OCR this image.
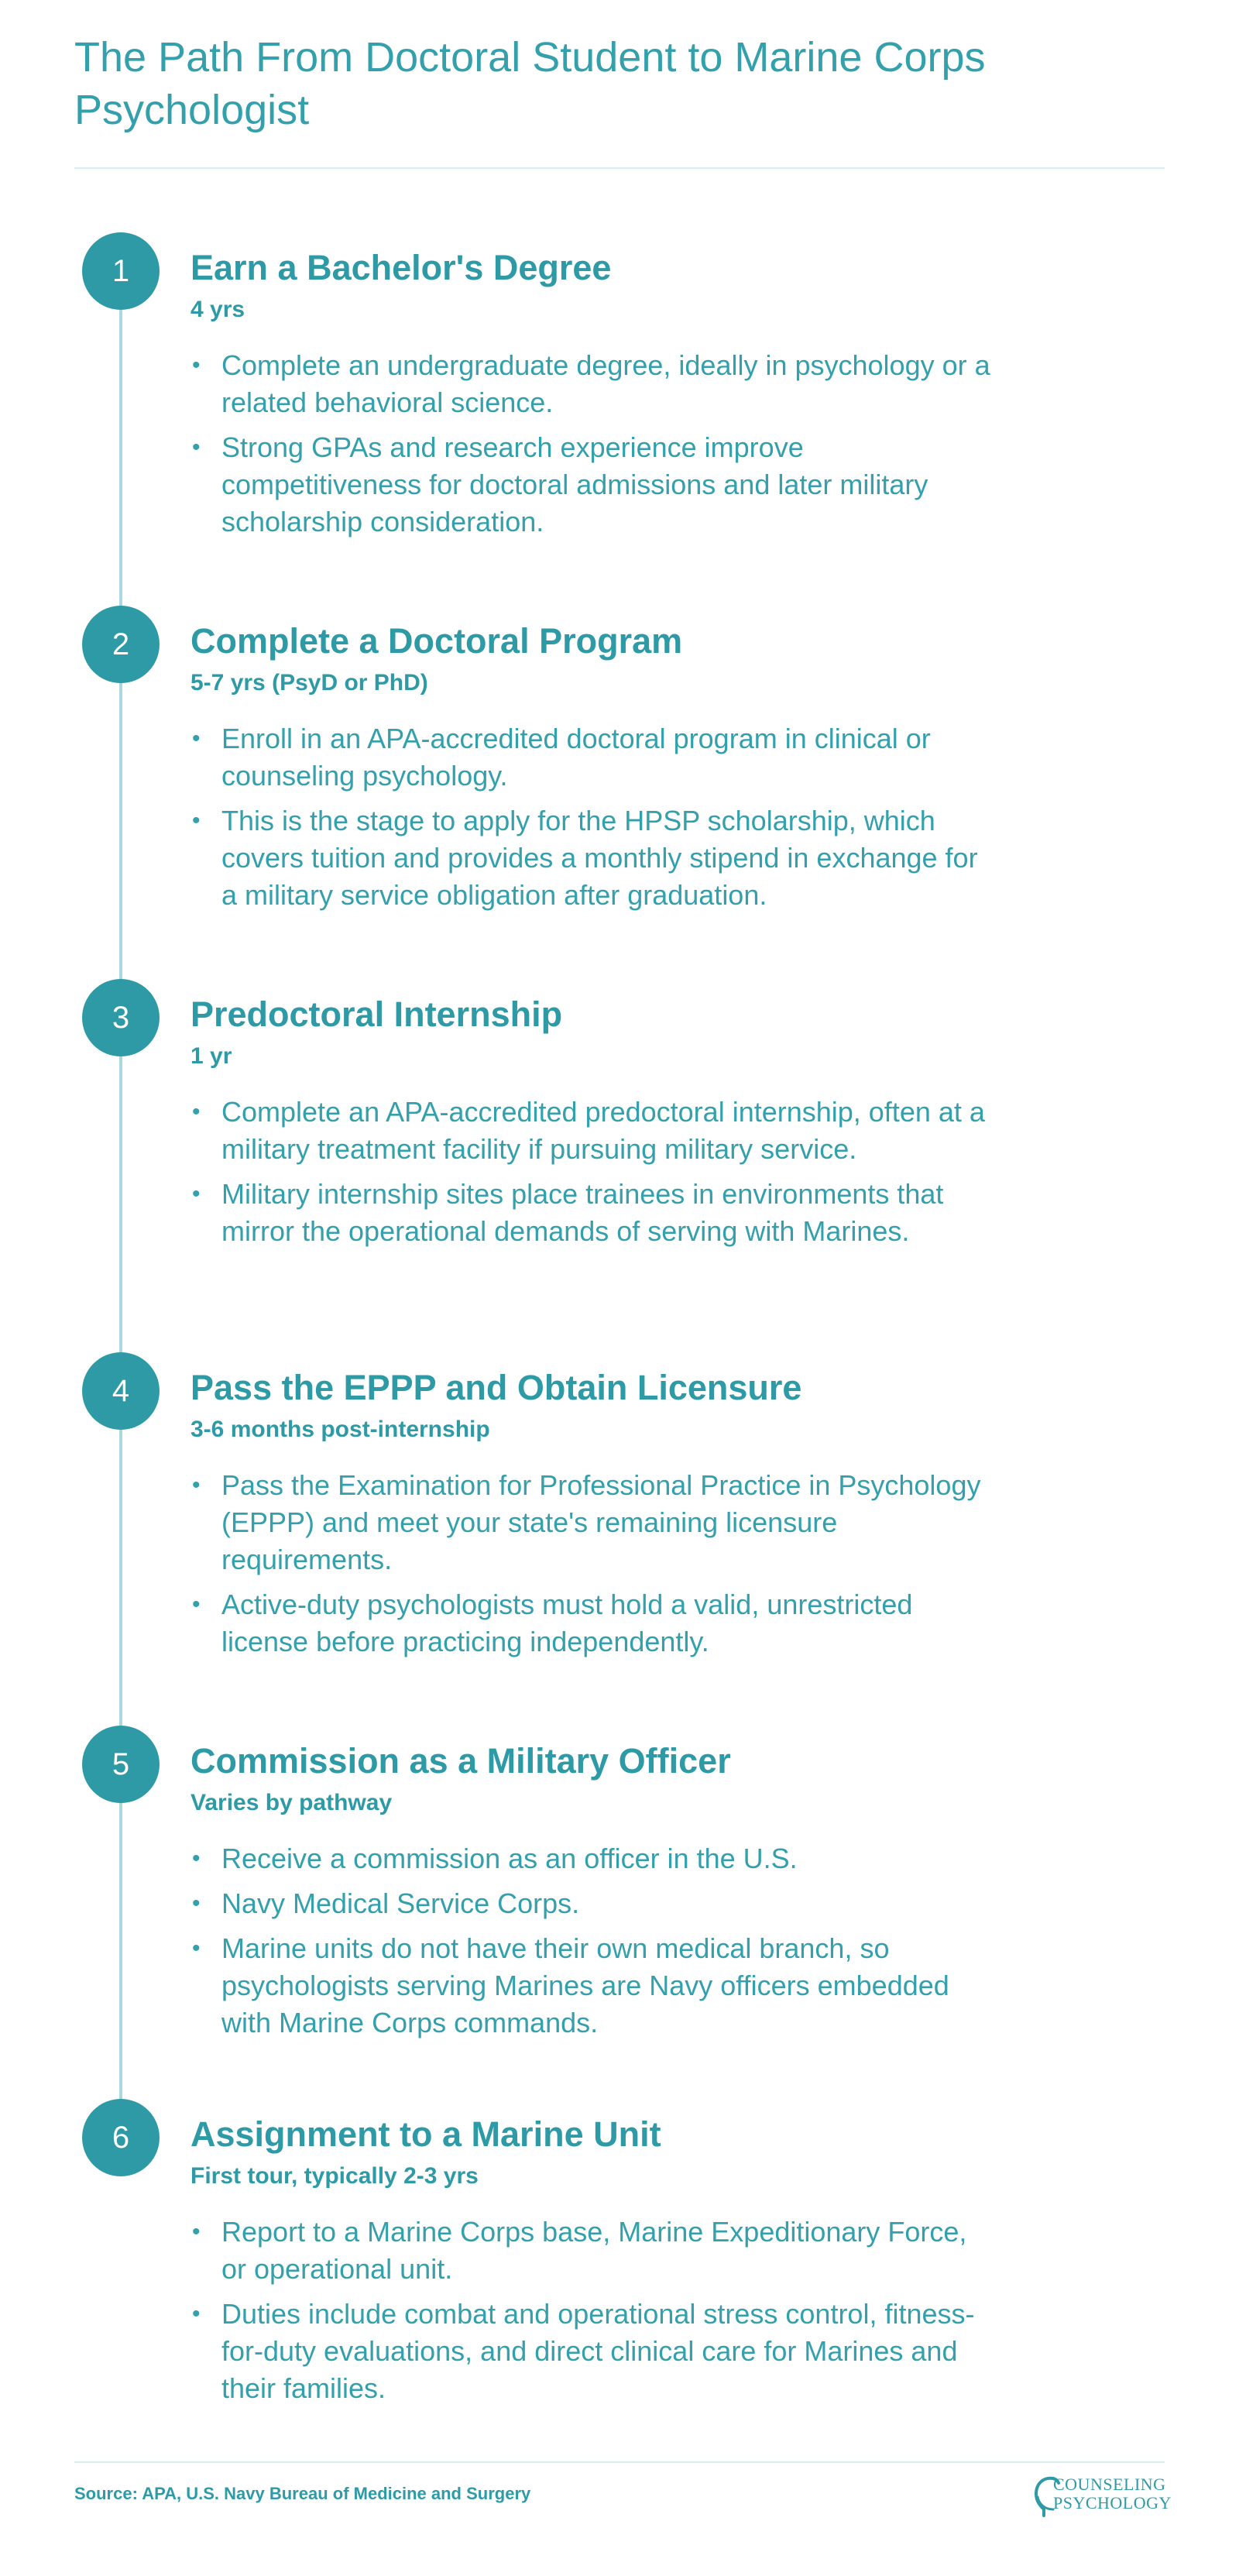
The Path From Doctoral Student to Marine Corps Psychologist
1	Earn a Bachelor's Degree
4 yrs
• Complete an undergraduate degree, ideally in psychology or a related behavioral science.
• Strong GPAs and research experience improve competitiveness for doctoral admissions and later military scholarship consideration.
2	Complete a Doctoral Program
5-7 yrs (PsyD or PhD)
• Enroll in an APA-accredited doctoral program in clinical or counseling psychology.
• This is the stage to apply for the HPSP scholarship, which covers tuition and provides a monthly stipend in exchange for a military service obligation after graduation.
3	Predoctoral Internship
1 yr
• Complete an APA-accredited predoctoral internship, often at a military treatment facility if pursuing military service.
• Military internship sites place trainees in environments that mirror the operational demands of serving with Marines.
4	Pass the EPPP and Obtain Licensure
3-6 months post-internship
• Pass the Examination for Professional Practice in Psychology (EPPP) and meet your state's remaining licensure requirements.
• Active-duty psychologists must hold a valid, unrestricted license before practicing independently.
5	Commission as a Military Officer
Varies by pathway
• Receive a commission as an officer in the U.S.
• Navy Medical Service Corps.
• Marine units do not have their own medical branch, so psychologists serving Marines are Navy officers embedded with Marine Corps commands.
6	Assignment to a Marine Unit
First tour, typically 2-3 yrs
• Report to a Marine Corps base, Marine Expeditionary Force, or operational unit.
• Duties include combat and operational stress control, fitness-for-duty evaluations, and direct clinical care for Marines and their families.
Source: APA, U.S. Navy Bureau of Medicine and Surgery	COUNSELING
PSYCHOLOGY
